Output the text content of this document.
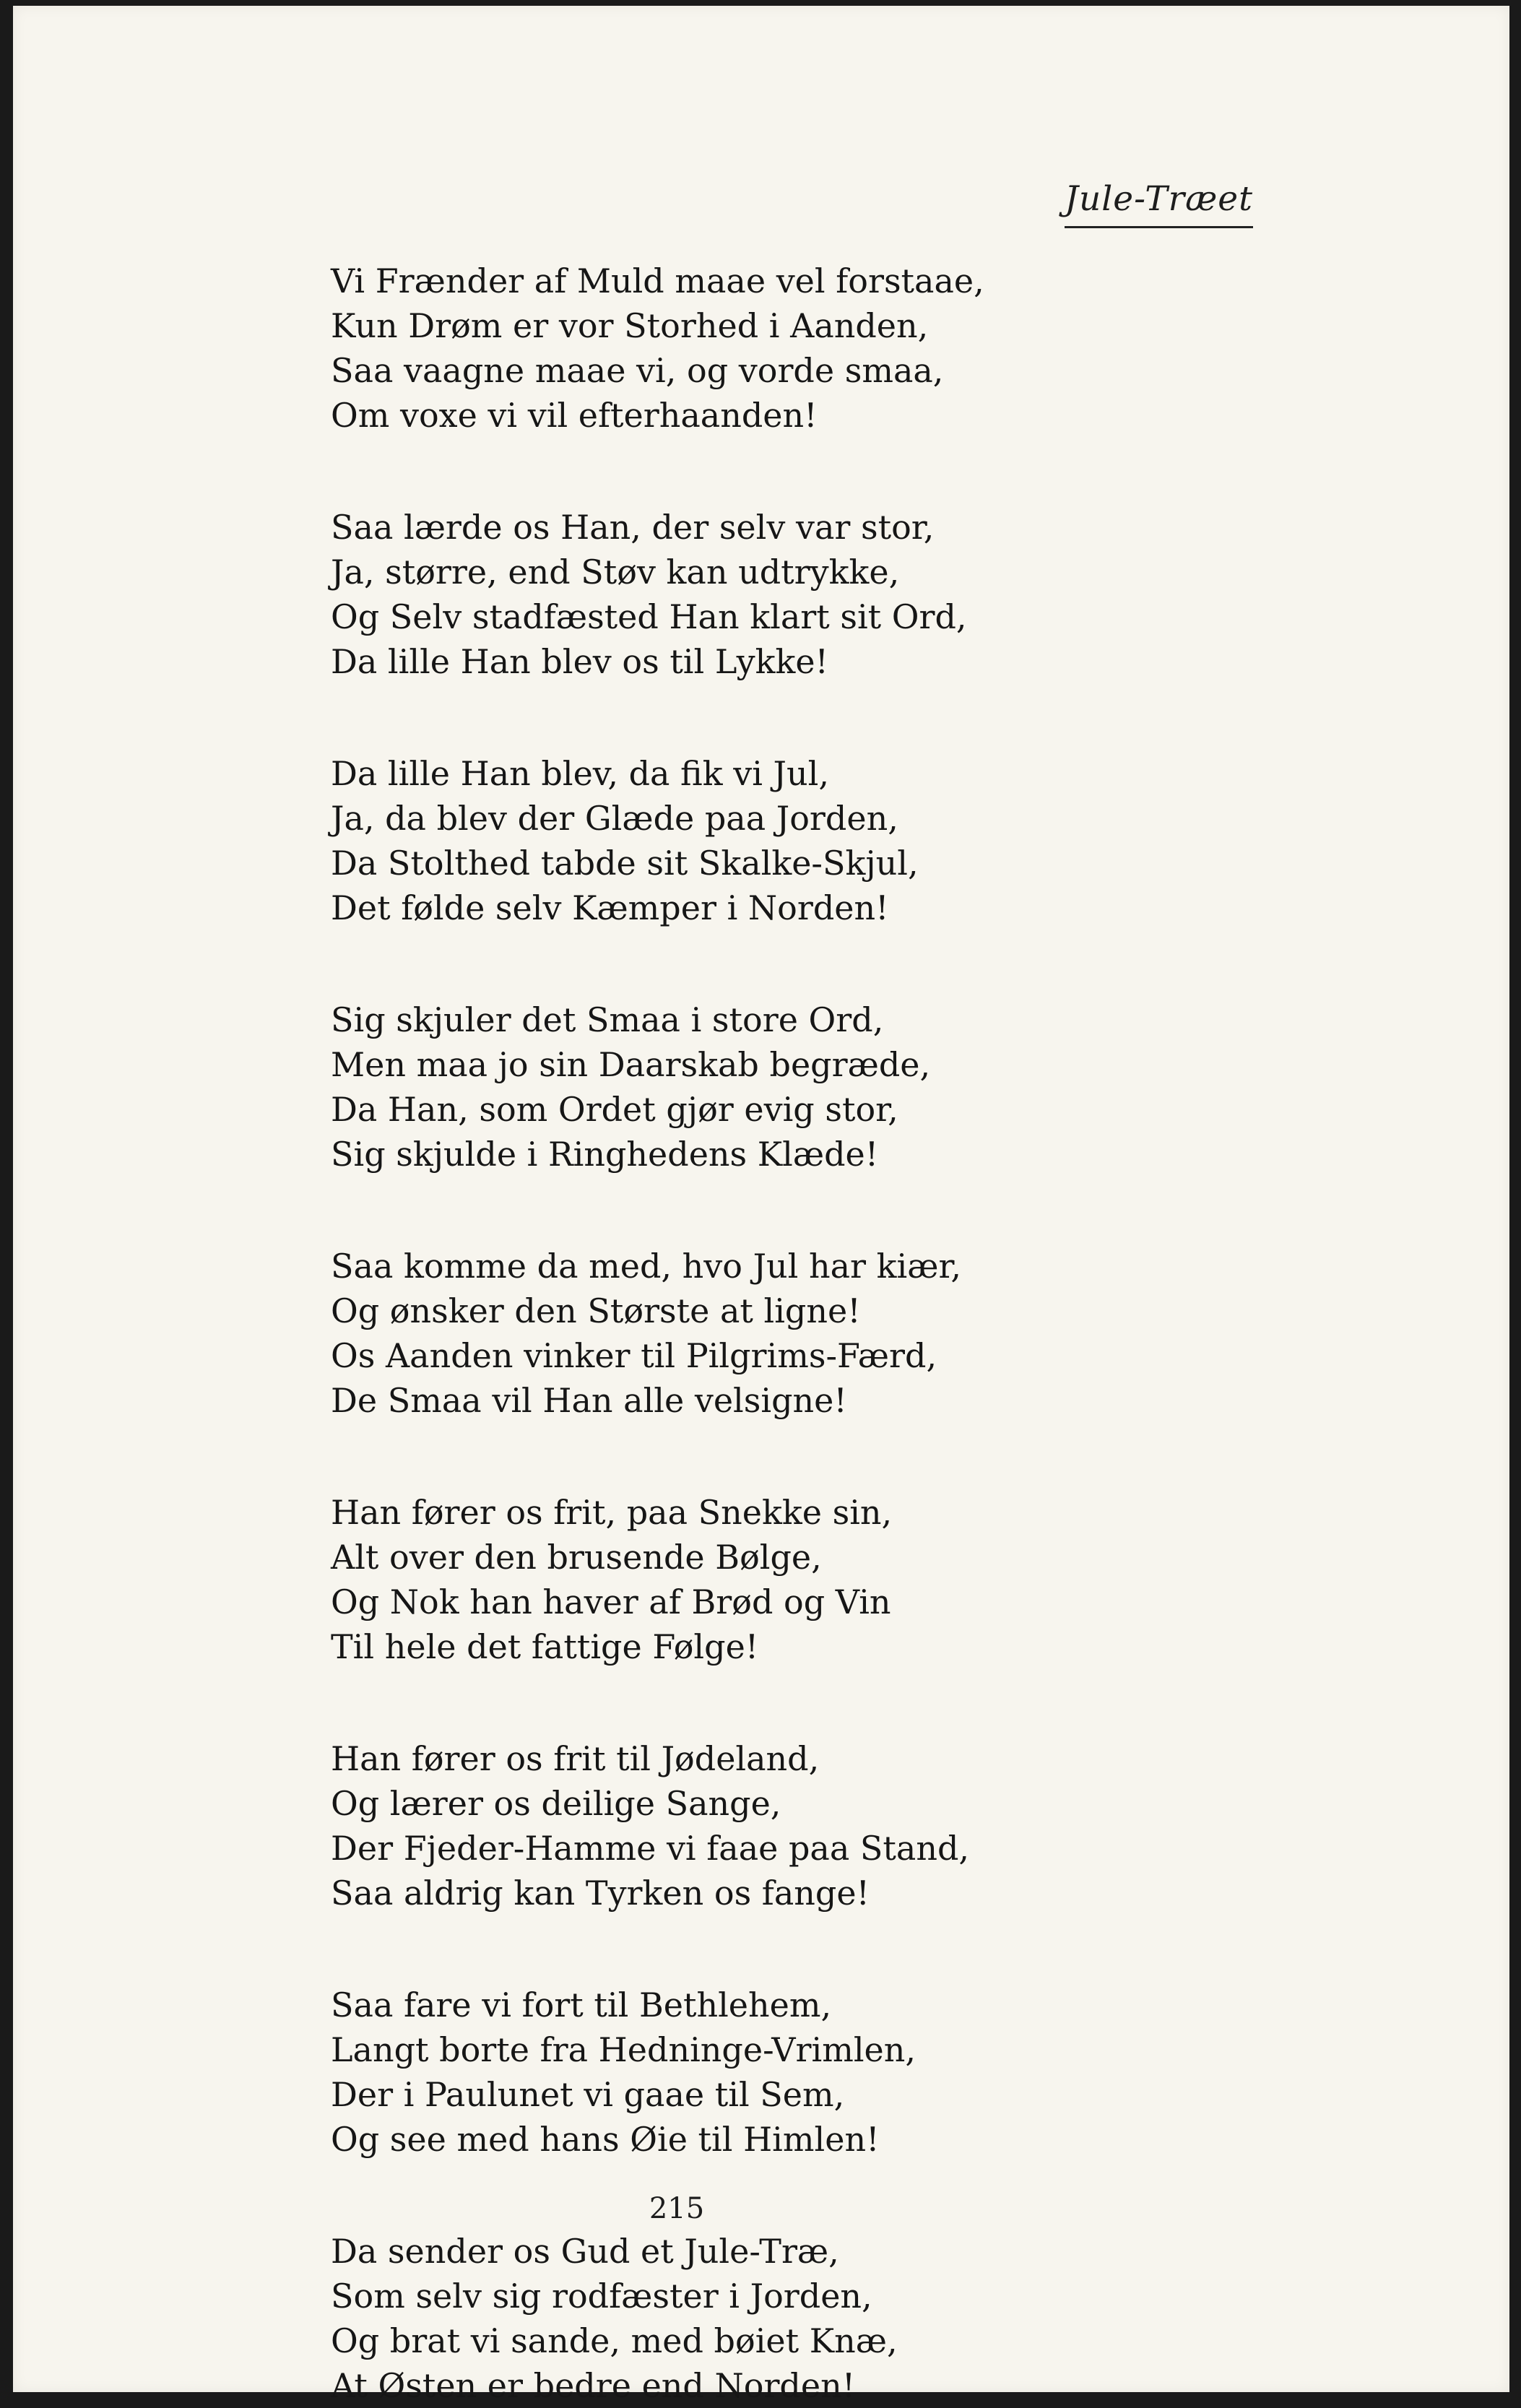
Jule-Træet
Vi Frænder af Muld maae vel forstaae,
Kun Drøm er vor Storhed i Aanden,
Saa vaagne maae vi, og vorde smaa,
Om voxe vi vil efterhaanden!
Saa lærde os Han, der selv var stor,
Ja, større, end Støv kan udtrykke,
Og Selv stadfæsted Han klart sit Ord,
Da lille Han blev os til Lykke!
Da lille Han blev, da fik vi Jul,
Ja, da blev der Glæde paa Jorden,
Da Stolthed tabde sit Skalke-Skjul,
Det følde selv Kæmper i Norden!
Sig skjuler det Smaa i store Ord,
Men maa jo sin Daarskab begræde,
Da Han, som Ordet gjør evig stor,
Sig skjulde i Ringhedens Klæde!
Saa komme da med, hvo Jul har kiær,
Og ønsker den Største at ligne!
Os Aanden vinker til Pilgrims-Færd,
De Smaa vil Han alle velsigne!
Han fører os frit, paa Snekke sin,
Alt over den brusende Bølge,
Og Nok han haver af Brød og Vin
Til hele det fattige Følge!
Han fører os frit til Jødeland,
Og lærer os deilige Sange,
Der Fjeder-Hamme vi faae paa Stand,
Saa aldrig kan Tyrken os fange!
Saa fare vi fort til Bethlehem,
Langt borte fra Hedninge-Vrimlen,
Der i Paulunet vi gaae til Sem,
Og see med hans Øie til Himlen!
Da sender os Gud et Jule-Træ,
Som selv sig rodfæster i Jorden,
Og brat vi sande, med bøiet Knæ,
At Østen er bedre end Norden!
215
